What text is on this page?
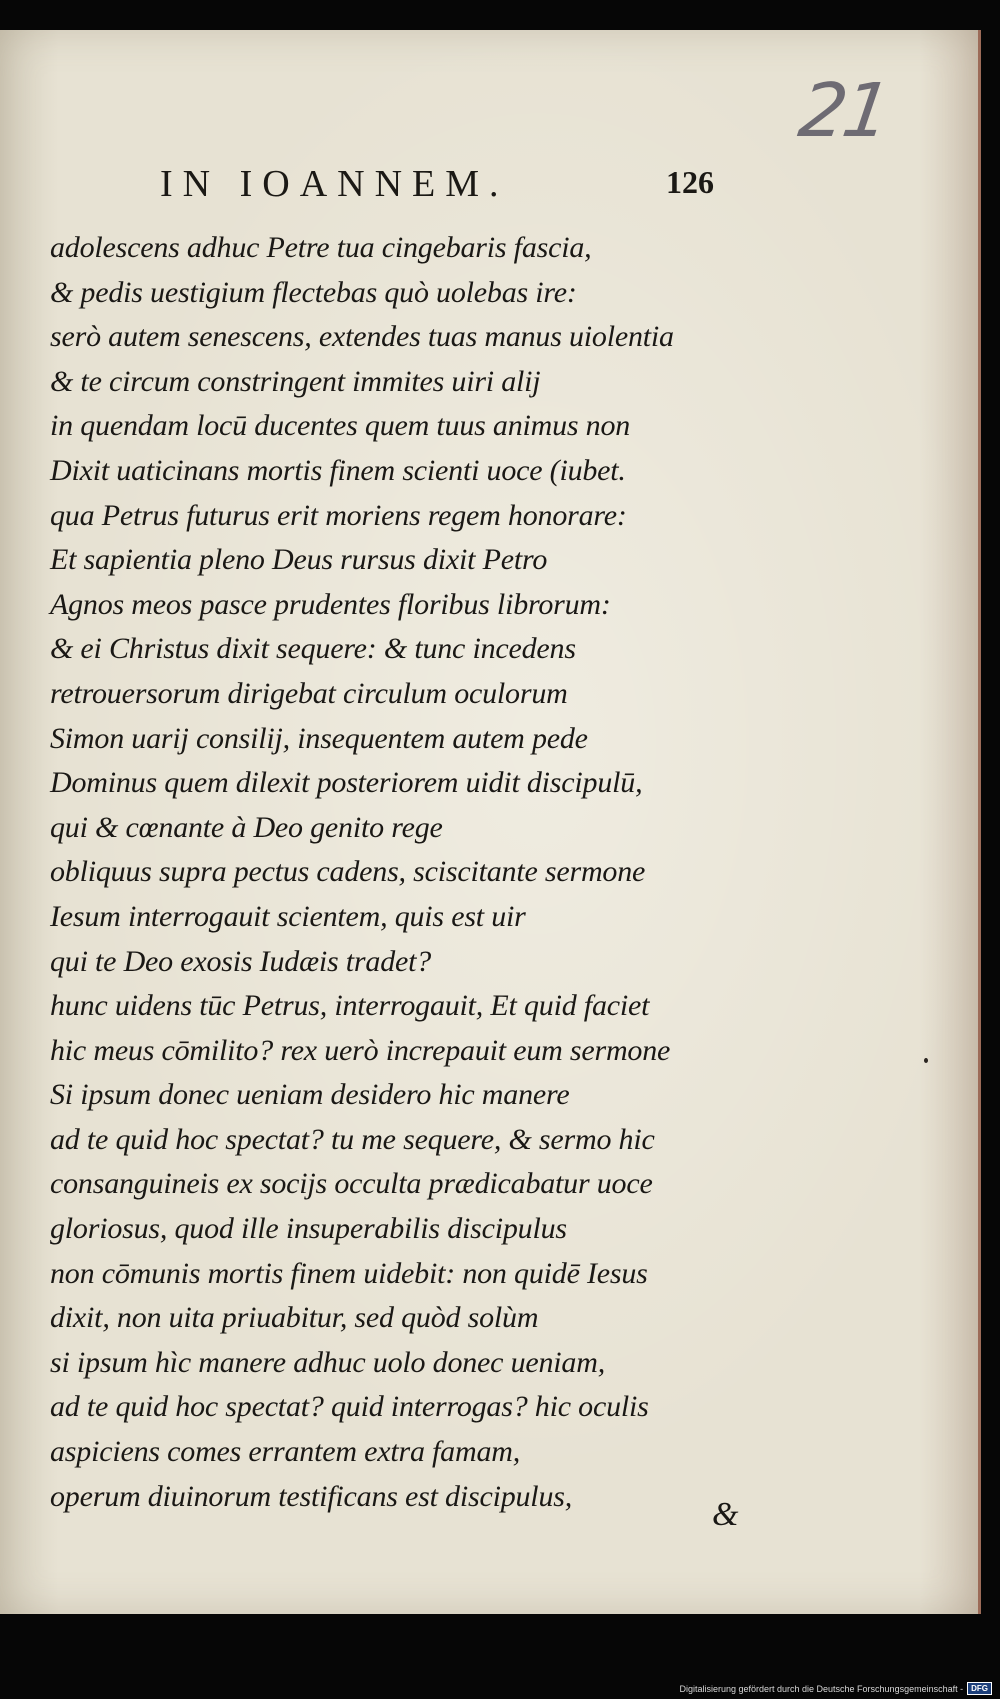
21
IN IOANNEM.	126
adolescens adhuc Petre tua cingebaris fascia,
& pedis uestigium flectebas quò uolebas ire:
serò autem senescens, extendes tuas manus uiolentia
& te circum constringent immites uiri alij
in quendam locū ducentes quem tuus animus non
Dixit uaticinans mortis finem scienti uoce (iubet.
qua Petrus futurus erit moriens regem honorare:
Et sapientia pleno Deus rursus dixit Petro
Agnos meos pasce prudentes floribus librorum:
& ei Christus dixit sequere: & tunc incedens
retrouersorum dirigebat circulum oculorum
Simon uarij consilij, insequentem autem pede
Dominus quem dilexit posteriorem uidit discipulū,
qui & cœnante à Deo genito rege
obliquus supra pectus cadens, sciscitante sermone
Iesum interrogauit scientem, quis est uir
qui te Deo exosis Iudæis tradet?
hunc uidens tūc Petrus, interrogauit, Et quid faciet
hic meus cōmilito? rex uerò increpauit eum sermone
Si ipsum donec ueniam desidero hic manere
ad te quid hoc spectat? tu me sequere, & sermo hic
consanguineis ex socijs occulta prædicabatur uoce
gloriosus, quod ille insuperabilis discipulus
non cōmunis mortis finem uidebit: non quidē Iesus
dixit, non uita priuabitur, sed quòd solùm
si ipsum hìc manere adhuc uolo donec ueniam,
ad te quid hoc spectat? quid interrogas? hic oculis
aspiciens comes errantem extra famam,
operum diuinorum testificans est discipulus,	&
Digitalisierung gefördert durch die Deutsche Forschungsgemeinschaft -	DFG
